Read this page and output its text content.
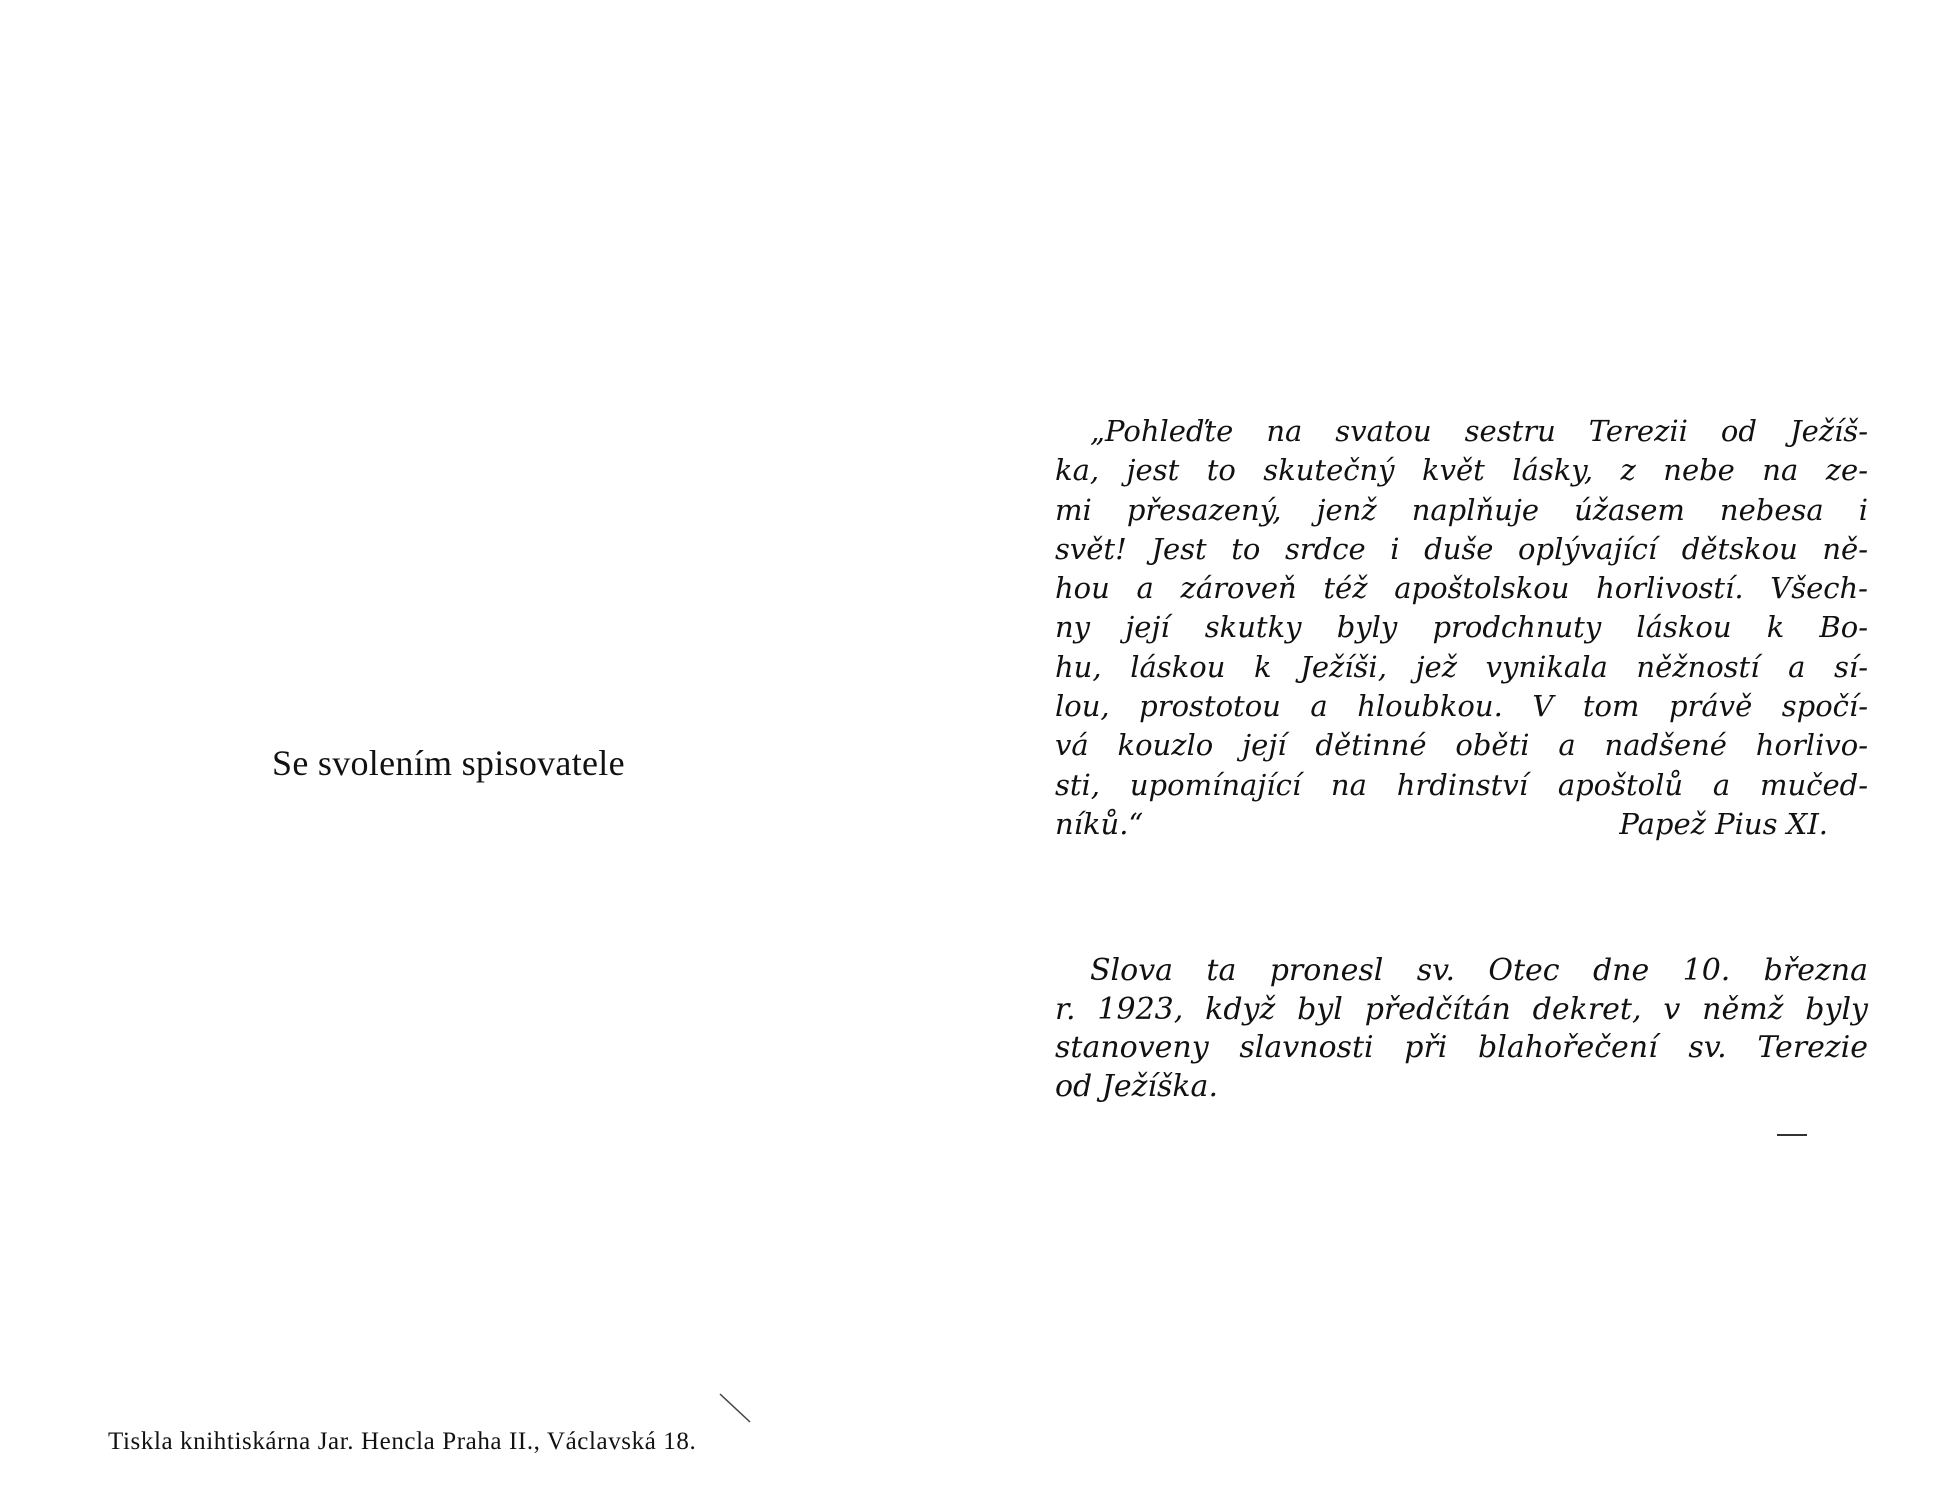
Se svolením spisovatele

Tiskla knihtiskárna Jar. Hencla Praha II., Václavská 18.

„Pohleďte na svatou sestru Terezii od Ježíš-
ka, jest to skutečný květ lásky, z nebe na ze-
mi přesazený, jenž naplňuje úžasem nebesa i
svět! Jest to srdce i duše oplývající dětskou ně-
hou a zároveň též apoštolskou horlivostí. Všech-
ny její skutky byly prodchnuty láskou k Bo-
hu, láskou k Ježíši, jež vynikala něžností a sí-
lou, prostotou a hloubkou. V tom právě spočí-
vá kouzlo její dětinné oběti a nadšené horlivo-
sti, upomínající na hrdinství apoštolů a mučed-
níků.“	Papež Pius XI.
Slova ta pronesl sv. Otec dne 10. března
r. 1923, když byl předčítán dekret, v němž byly
stanoveny slavnosti při blahořečení sv. Terezie
od Ježíška.
